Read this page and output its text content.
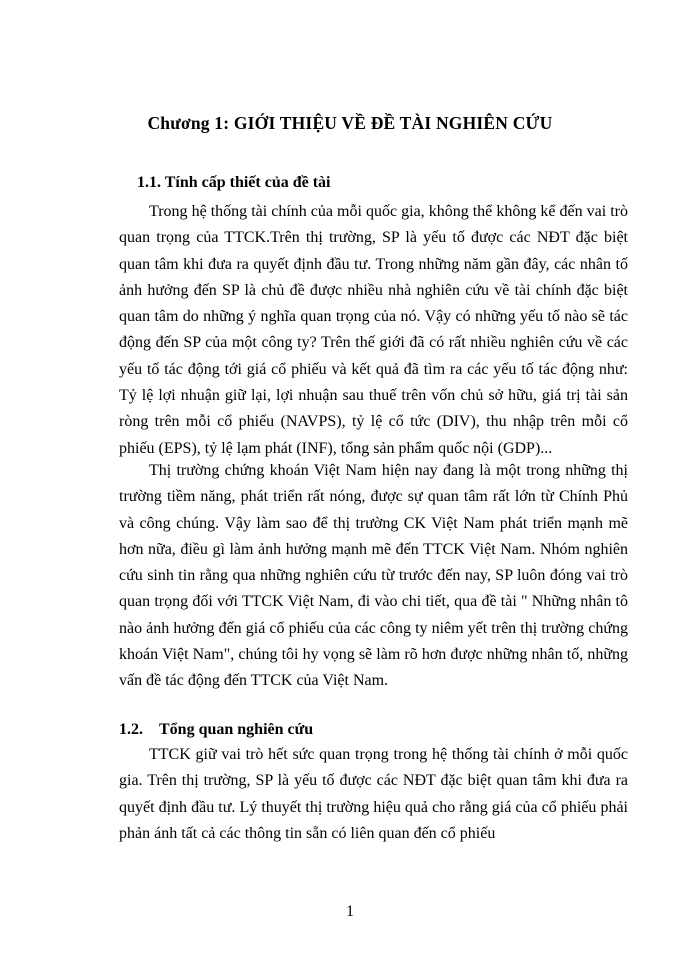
Chương 1: GIỚI THIỆU VỀ ĐỀ TÀI NGHIÊN CỨU
1.1. Tính cấp thiết của đề tài

Trong hệ thống tài chính của mỗi quốc gia, không thể không kể đến vai trò quan trọng của TTCK.Trên thị trường, SP là yếu tố được các NĐT đặc biệt quan tâm khi đưa ra quyết định đầu tư. Trong những năm gần đây, các nhân tố ảnh hưởng đến SP là chủ đề được nhiều nhà nghiên cứu về tài chính đặc biệt quan tâm do những ý nghĩa quan trọng của nó. Vậy có những yếu tố nào sẽ tác động đến SP của một công ty? Trên thế giới đã có rất nhiều nghiên cứu về các yếu tố tác động tới giá cổ phiếu và kết quả đã tìm ra các yếu tố tác động như: Tỷ lệ lợi nhuận giữ lại, lợi nhuận sau thuế trên vốn chủ sở hữu, giá trị tài sản ròng trên mỗi cổ phiếu (NAVPS), tỷ lệ cổ tức (DIV), thu nhập trên mỗi cổ phiếu (EPS), tỷ lệ lạm phát (INF), tổng sản phẩm quốc nội (GDP)...

Thị trường chứng khoán Việt Nam hiện nay đang là một trong những thị trường tiềm năng, phát triển rất nóng, được sự quan tâm rất lớn từ Chính Phủ và công chúng. Vậy làm sao để thị trường CK Việt Nam phát triển mạnh mẽ hơn nữa, điều gì làm ảnh hưởng mạnh mẽ đến TTCK Việt Nam. Nhóm nghiên cứu sinh tin rằng qua những nghiên cứu từ trước đến nay, SP luôn đóng vai trò quan trọng đối với TTCK Việt Nam, đi vào chi tiết, qua đề tài " Những nhân tô nào ảnh hưởng đến giá cổ phiếu của các công ty niêm yết trên thị trường chứng khoán Việt Nam", chúng tôi hy vọng sẽ làm rõ hơn được những nhân tố, những vấn đề tác động đến TTCK của Việt Nam.

1.2. Tổng quan nghiên cứu

TTCK giữ vai trò hết sức quan trọng trong hệ thống tài chính ở mỗi quốc gia. Trên thị trường, SP là yếu tố được các NĐT đặc biệt quan tâm khi đưa ra quyết định đầu tư. Lý thuyết thị trường hiệu quả cho rằng giá của cổ phiếu phải phản ánh tất cả các thông tin sẵn có liên quan đến cổ phiếu

1
